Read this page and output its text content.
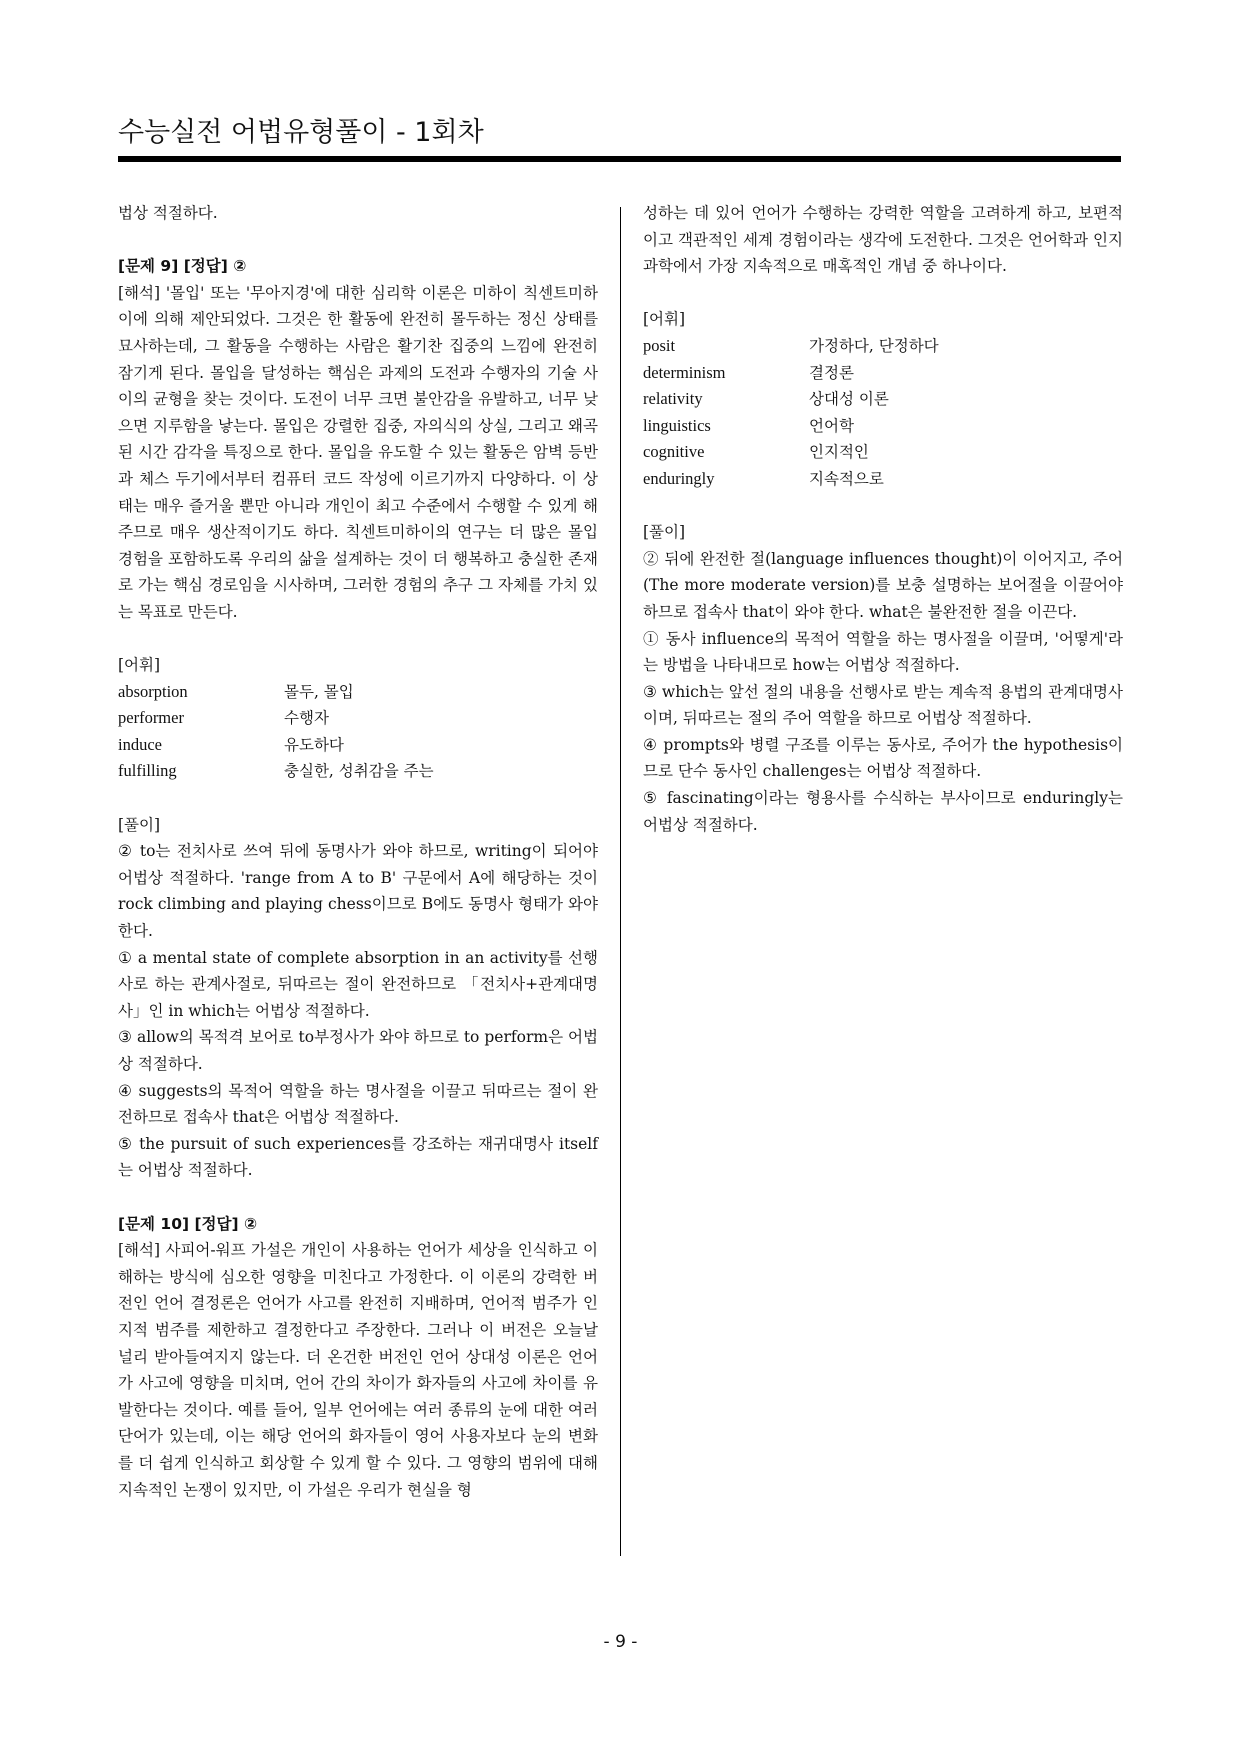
수능실전 어법유형풀이 - 1회차

법상 적절하다.

[문제 9] [정답] ②

[해석] '몰입' 또는 '무아지경'에 대한 심리학 이론은 미하이 칙센트미하이에 의해 제안되었다. 그것은 한 활동에 완전히 몰두하는 정신 상태를 묘사하는데, 그 활동을 수행하는 사람은 활기찬 집중의 느낌에 완전히 잠기게 된다. 몰입을 달성하는 핵심은 과제의 도전과 수행자의 기술 사이의 균형을 찾는 것이다. 도전이 너무 크면 불안감을 유발하고, 너무 낮으면 지루함을 낳는다. 몰입은 강렬한 집중, 자의식의 상실, 그리고 왜곡된 시간 감각을 특징으로 한다. 몰입을 유도할 수 있는 활동은 암벽 등반과 체스 두기에서부터 컴퓨터 코드 작성에 이르기까지 다양하다. 이 상태는 매우 즐거울 뿐만 아니라 개인이 최고 수준에서 수행할 수 있게 해주므로 매우 생산적이기도 하다. 칙센트미하이의 연구는 더 많은 몰입 경험을 포함하도록 우리의 삶을 설계하는 것이 더 행복하고 충실한 존재로 가는 핵심 경로임을 시사하며, 그러한 경험의 추구 그 자체를 가치 있는 목표로 만든다.

[어휘]

absorption	몰두, 몰입
performer	수행자
induce	유도하다
fulfilling	충실한, 성취감을 주는

[풀이]

② to는 전치사로 쓰여 뒤에 동명사가 와야 하므로, writing이 되어야 어법상 적절하다. 'range from A to B' 구문에서 A에 해당하는 것이 rock climbing and playing chess이므로 B에도 동명사 형태가 와야 한다.

① a mental state of complete absorption in an activity를 선행사로 하는 관계사절로, 뒤따르는 절이 완전하므로 「전치사+관계대명사」인 in which는 어법상 적절하다.

③ allow의 목적격 보어로 to부정사가 와야 하므로 to perform은 어법상 적절하다.

④ suggests의 목적어 역할을 하는 명사절을 이끌고 뒤따르는 절이 완전하므로 접속사 that은 어법상 적절하다.

⑤ the pursuit of such experiences를 강조하는 재귀대명사 itself는 어법상 적절하다.

[문제 10] [정답] ②

[해석] 사피어-워프 가설은 개인이 사용하는 언어가 세상을 인식하고 이해하는 방식에 심오한 영향을 미친다고 가정한다. 이 이론의 강력한 버전인 언어 결정론은 언어가 사고를 완전히 지배하며, 언어적 범주가 인지적 범주를 제한하고 결정한다고 주장한다. 그러나 이 버전은 오늘날 널리 받아들여지지 않는다. 더 온건한 버전인 언어 상대성 이론은 언어가 사고에 영향을 미치며, 언어 간의 차이가 화자들의 사고에 차이를 유발한다는 것이다. 예를 들어, 일부 언어에는 여러 종류의 눈에 대한 여러 단어가 있는데, 이는 해당 언어의 화자들이 영어 사용자보다 눈의 변화를 더 쉽게 인식하고 회상할 수 있게 할 수 있다. 그 영향의 범위에 대해 지속적인 논쟁이 있지만, 이 가설은 우리가 현실을 형

성하는 데 있어 언어가 수행하는 강력한 역할을 고려하게 하고, 보편적이고 객관적인 세계 경험이라는 생각에 도전한다. 그것은 언어학과 인지 과학에서 가장 지속적으로 매혹적인 개념 중 하나이다.

[어휘]

posit	가정하다, 단정하다
determinism	결정론
relativity	상대성 이론
linguistics	언어학
cognitive	인지적인
enduringly	지속적으로

[풀이]

② 뒤에 완전한 절(language influences thought)이 이어지고, 주어(The more moderate version)를 보충 설명하는 보어절을 이끌어야 하므로 접속사 that이 와야 한다. what은 불완전한 절을 이끈다.

① 동사 influence의 목적어 역할을 하는 명사절을 이끌며, '어떻게'라는 방법을 나타내므로 how는 어법상 적절하다.

③ which는 앞선 절의 내용을 선행사로 받는 계속적 용법의 관계대명사이며, 뒤따르는 절의 주어 역할을 하므로 어법상 적절하다.

④ prompts와 병렬 구조를 이루는 동사로, 주어가 the hypothesis이므로 단수 동사인 challenges는 어법상 적절하다.

⑤ fascinating이라는 형용사를 수식하는 부사이므로 enduringly는 어법상 적절하다.

- 9 -
